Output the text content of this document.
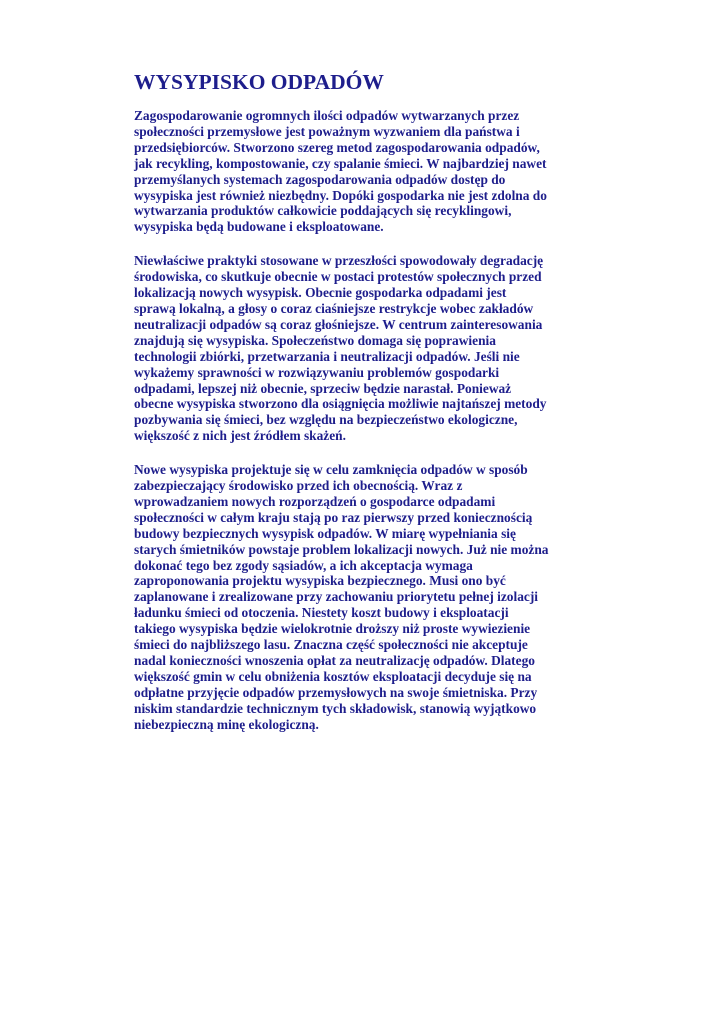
WYSYPISKO ODPADÓW

Zagospodarowanie ogromnych ilości odpadów wytwarzanych przez
społeczności przemysłowe jest poważnym wyzwaniem dla państwa i
przedsiębiorców. Stworzono szereg metod zagospodarowania odpadów,
jak recykling, kompostowanie, czy spalanie śmieci. W najbardziej nawet
przemyślanych systemach zagospodarowania odpadów dostęp do
wysypiska jest również niezbędny. Dopóki gospodarka nie jest zdolna do
wytwarzania produktów całkowicie poddających się recyklingowi,
wysypiska będą budowane i eksploatowane.

Niewłaściwe praktyki stosowane w przeszłości spowodowały degradację
środowiska, co skutkuje obecnie w postaci protestów społecznych przed
lokalizacją nowych wysypisk. Obecnie gospodarka odpadami jest
sprawą lokalną, a głosy o coraz ciaśniejsze restrykcje wobec zakładów
neutralizacji odpadów są coraz głośniejsze. W centrum zainteresowania
znajdują się wysypiska. Społeczeństwo domaga się poprawienia
technologii zbiórki, przetwarzania i neutralizacji odpadów. Jeśli nie
wykażemy sprawności w rozwiązywaniu problemów gospodarki
odpadami, lepszej niż obecnie, sprzeciw będzie narastał. Ponieważ
obecne wysypiska stworzono dla osiągnięcia możliwie najtańszej metody
pozbywania się śmieci, bez względu na bezpieczeństwo ekologiczne,
większość z nich jest źródłem skażeń.

Nowe wysypiska projektuje się w celu zamknięcia odpadów w sposób
zabezpieczający środowisko przed ich obecnością. Wraz z
wprowadzaniem nowych rozporządzeń o gospodarce odpadami
społeczności w całym kraju stają po raz pierwszy przed koniecznością
budowy bezpiecznych wysypisk odpadów. W miarę wypełniania się
starych śmietników powstaje problem lokalizacji nowych. Już nie można
dokonać tego bez zgody sąsiadów, a ich akceptacja wymaga
zaproponowania projektu wysypiska bezpiecznego. Musi ono być
zaplanowane i zrealizowane przy zachowaniu priorytetu pełnej izolacji
ładunku śmieci od otoczenia. Niestety koszt budowy i eksploatacji
takiego wysypiska będzie wielokrotnie droższy niż proste wywiezienie
śmieci do najbliższego lasu. Znaczna część społeczności nie akceptuje
nadal konieczności wnoszenia opłat za neutralizację odpadów. Dlatego
większość gmin w celu obniżenia kosztów eksploatacji decyduje się na
odpłatne przyjęcie odpadów przemysłowych na swoje śmietniska. Przy
niskim standardzie technicznym tych składowisk, stanowią wyjątkowo
niebezpieczną minę ekologiczną.
